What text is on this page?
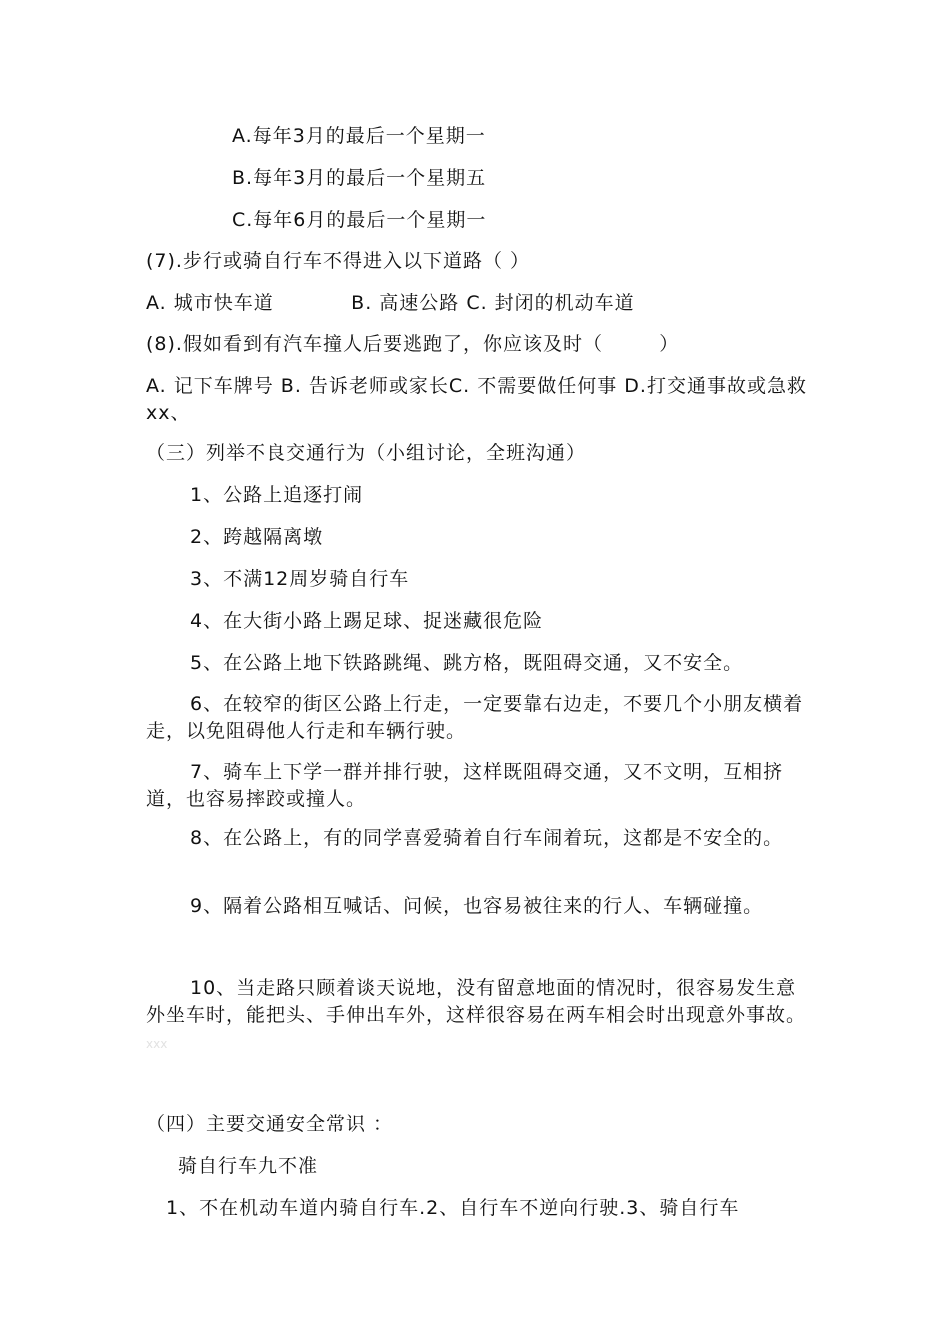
A.每年3月的最后一个星期一
B.每年3月的最后一个星期五
C.每年6月的最后一个星期一
(7).步行或骑自行车不得进入以下道路（ ）
A. 城市快车道           B. 高速公路 C. 封闭的机动车道
(8).假如看到有汽车撞人后要逃跑了，你应该及时（        ）
A. 记下车牌号 B. 告诉老师或家长C. 不需要做任何事 D.打交通事故或急救xx、
（三）列举不良交通行为（小组讨论，全班沟通）
1、公路上追逐打闹
2、跨越隔离墩
3、不满12周岁骑自行车
4、在大街小路上踢足球、捉迷藏很危险
5、在公路上地下铁路跳绳、跳方格，既阻碍交通，又不安全。
6、在较窄的街区公路上行走，一定要靠右边走，不要几个小朋友横着走，以免阻碍他人行走和车辆行驶。
7、骑车上下学一群并排行驶，这样既阻碍交通，又不文明，互相挤道，也容易摔跤或撞人。
8、在公路上，有的同学喜爱骑着自行车闹着玩，这都是不安全的。
9、隔着公路相互喊话、问候，也容易被往来的行人、车辆碰撞。
10、当走路只顾着谈天说地，没有留意地面的情况时，很容易发生意外坐车时，能把头、手伸出车外，这样很容易在两车相会时出现意外事故。xxx
（四）主要交通安全常识 ：
骑自行车九不准
1、不在机动车道内骑自行车.2、自行车不逆向行驶.3、骑自行车
